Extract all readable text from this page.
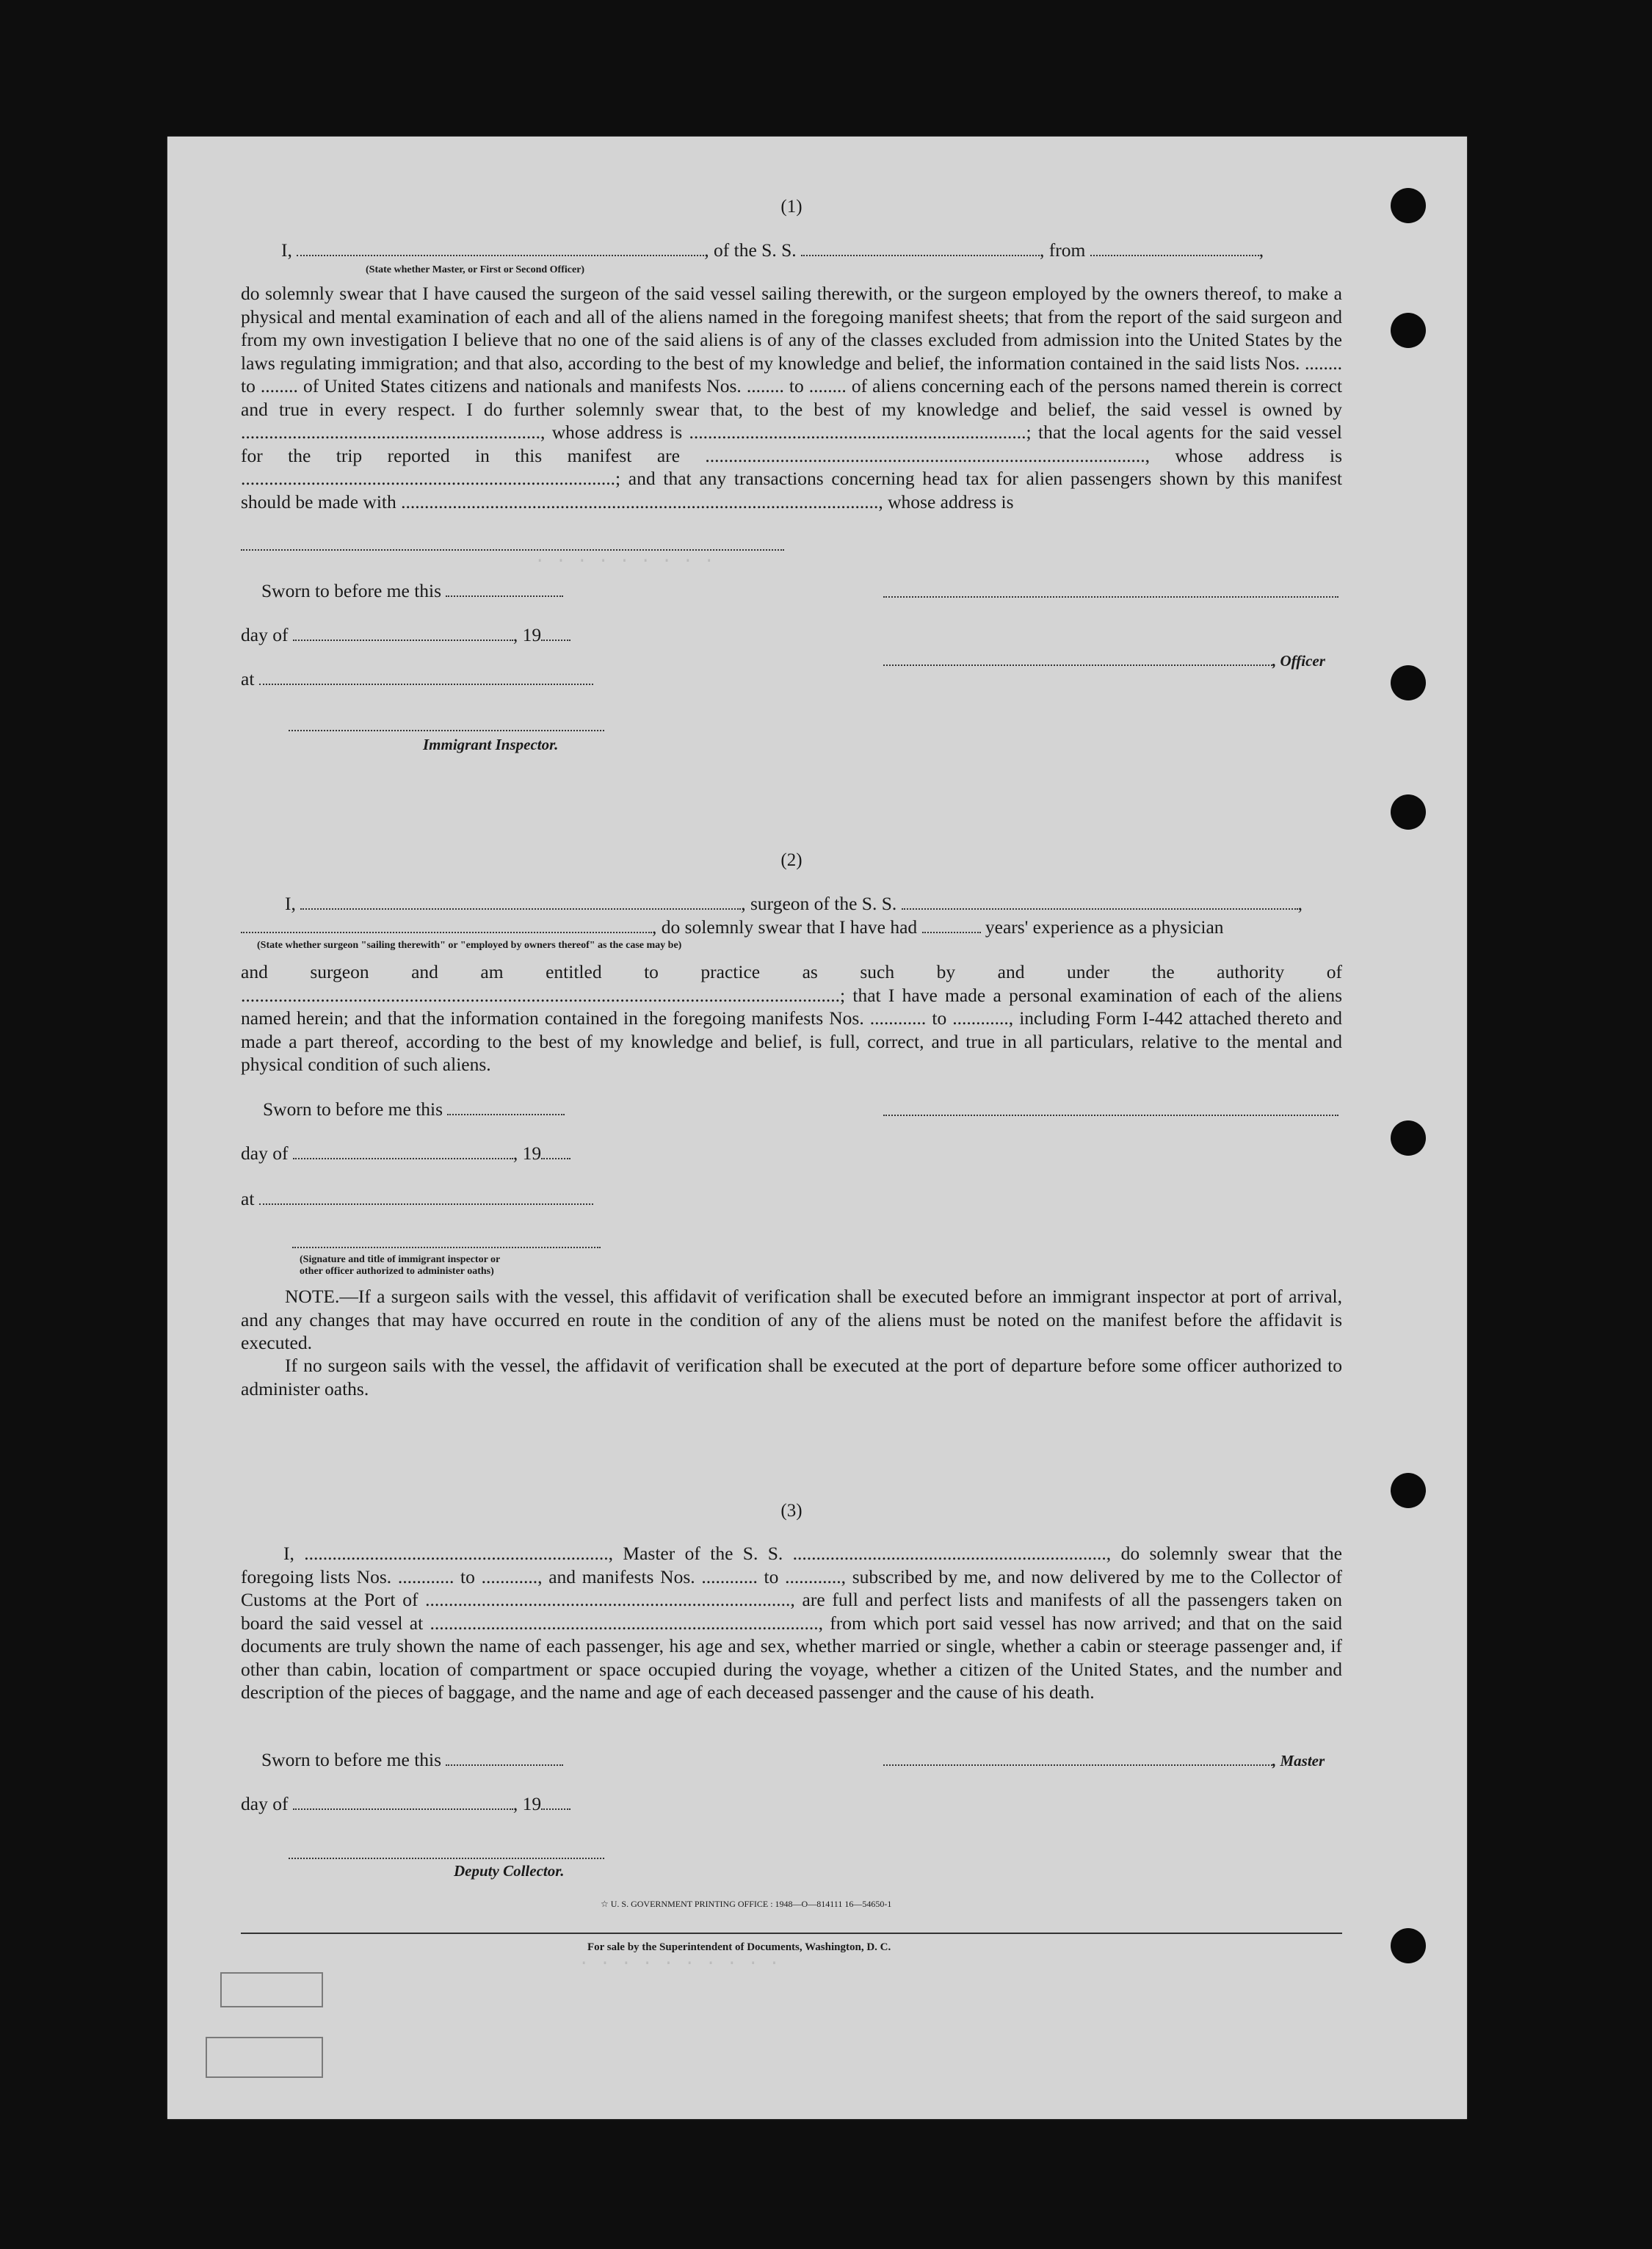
. . . . . . . . .
. . . . . . . . . .
(1)
I,	, of the S. S.	, from	,
(State whether Master, or First or Second Officer)
do solemnly swear that I have caused the surgeon of the said vessel sailing therewith, or the surgeon employed by the owners thereof, to make a physical and mental examination of each and all of the aliens named in the foregoing manifest sheets; that from the report of the said surgeon and from my own investigation I believe that no one of the said aliens is of any of the classes excluded from admission into the United States by the laws regulating immigration; and that also, according to the best of my knowledge and belief, the information contained in the said lists Nos. ........ to ........ of United States citizens and nationals and manifests Nos. ........ to ........ of aliens concerning each of the persons named therein is correct and true in every respect. I do further solemnly swear that, to the best of my knowledge and belief, the said vessel is owned by ................................................................, whose address is ........................................................................; that the local agents for the said vessel for the trip reported in this manifest are .............................................................................................., whose address is ................................................................................; and that any transactions concerning head tax for alien passengers shown by this manifest should be made with ......................................................................................................, whose address is
Sworn to before me this
day of	, 19
at
Immigrant Inspector.
, Officer
(2)
I,	, surgeon of the S. S.	,
, do solemnly swear that I have had	years' experience as a physician
(State whether surgeon "sailing therewith" or "employed by owners thereof" as the case may be)
and surgeon and am entitled to practice as such by and under the authority of ................................................................................................................................; that I have made a personal examination of each of the aliens named herein; and that the information contained in the foregoing manifests Nos. ............ to ............, including Form I-442 attached thereto and made a part thereof, according to the best of my knowledge and belief, is full, correct, and true in all particulars, relative to the mental and physical condition of such aliens.
Sworn to before me this
day of	, 19
at
(Signature and title of immigrant inspector or
other officer authorized to administer oaths)
NOTE.—If a surgeon sails with the vessel, this affidavit of verification shall be executed before an immigrant inspector at port of arrival, and any changes that may have occurred en route in the condition of any of the aliens must be noted on the manifest before the affidavit is executed.
If no surgeon sails with the vessel, the affidavit of verification shall be executed at the port of departure before some officer authorized to administer oaths.
(3)
I, ................................................................., Master of the S. S. ..................................................................., do solemnly swear that the foregoing lists Nos. ............ to ............, and manifests Nos. ............ to ............, subscribed by me, and now delivered by me to the Collector of Customs at the Port of .............................................................................., are full and perfect lists and manifests of all the passengers taken on board the said vessel at ..................................................................................., from which port said vessel has now arrived; and that on the said documents are truly shown the name of each passenger, his age and sex, whether married or single, whether a cabin or steerage passenger and, if other than cabin, location of compartment or space occupied during the voyage, whether a citizen of the United States, and the number and description of the pieces of baggage, and the name and age of each deceased passenger and the cause of his death.
Sworn to before me this	, Master
day of	, 19
Deputy Collector.
☆ U. S. GOVERNMENT PRINTING OFFICE : 1948—O—814111 16—54650-1
For sale by the Superintendent of Documents, Washington, D. C.
